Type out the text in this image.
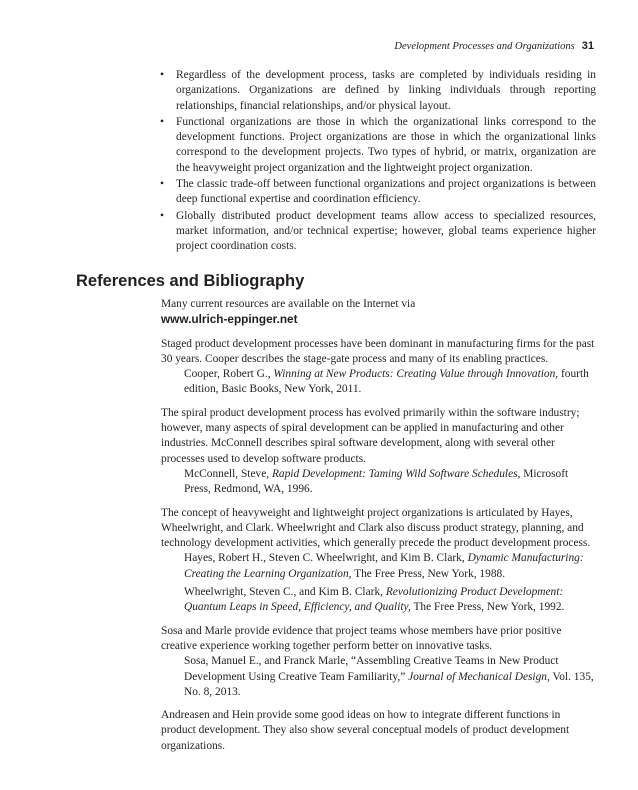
Development Processes and Organizations 31
• Regardless of the development process, tasks are completed by individuals residing in organizations. Organizations are defined by linking individuals through reporting relationships, financial relationships, and/or physical layout.
• Functional organizations are those in which the organizational links correspond to the development functions. Project organizations are those in which the organizational links correspond to the development projects. Two types of hybrid, or matrix, organization are the heavyweight project organization and the lightweight project organization.
• The classic trade-off between functional organizations and project organizations is between deep functional expertise and coordination efficiency.
• Globally distributed product development teams allow access to specialized resources, market information, and/or technical expertise; however, global teams experience higher project coordination costs.
References and Bibliography

Many current resources are available on the Internet via
www.ulrich-eppinger.net

Staged product development processes have been dominant in manufacturing firms for the past 30 years. Cooper describes the stage-gate process and many of its enabling practices.

Cooper, Robert G., Winning at New Products: Creating Value through Innovation, fourth edition, Basic Books, New York, 2011.

The spiral product development process has evolved primarily within the software industry; however, many aspects of spiral development can be applied in manufacturing and other industries. McConnell describes spiral software development, along with several other processes used to develop software products.

McConnell, Steve, Rapid Development: Taming Wild Software Schedules, Microsoft Press, Redmond, WA, 1996.

The concept of heavyweight and lightweight project organizations is articulated by Hayes, Wheelwright, and Clark. Wheelwright and Clark also discuss product strategy, planning, and technology development activities, which generally precede the product development process.

Hayes, Robert H., Steven C. Wheelwright, and Kim B. Clark, Dynamic Manufacturing: Creating the Learning Organization, The Free Press, New York, 1988.

Wheelwright, Steven C., and Kim B. Clark, Revolutionizing Product Development: Quantum Leaps in Speed, Efficiency, and Quality, The Free Press, New York, 1992.

Sosa and Marle provide evidence that project teams whose members have prior positive creative experience working together perform better on innovative tasks.

Sosa, Manuel E., and Franck Marle, “Assembling Creative Teams in New Product Development Using Creative Team Familiarity,” Journal of Mechanical Design, Vol. 135, No. 8, 2013.

Andreasen and Hein provide some good ideas on how to integrate different functions in product development. They also show several conceptual models of product development organizations.
